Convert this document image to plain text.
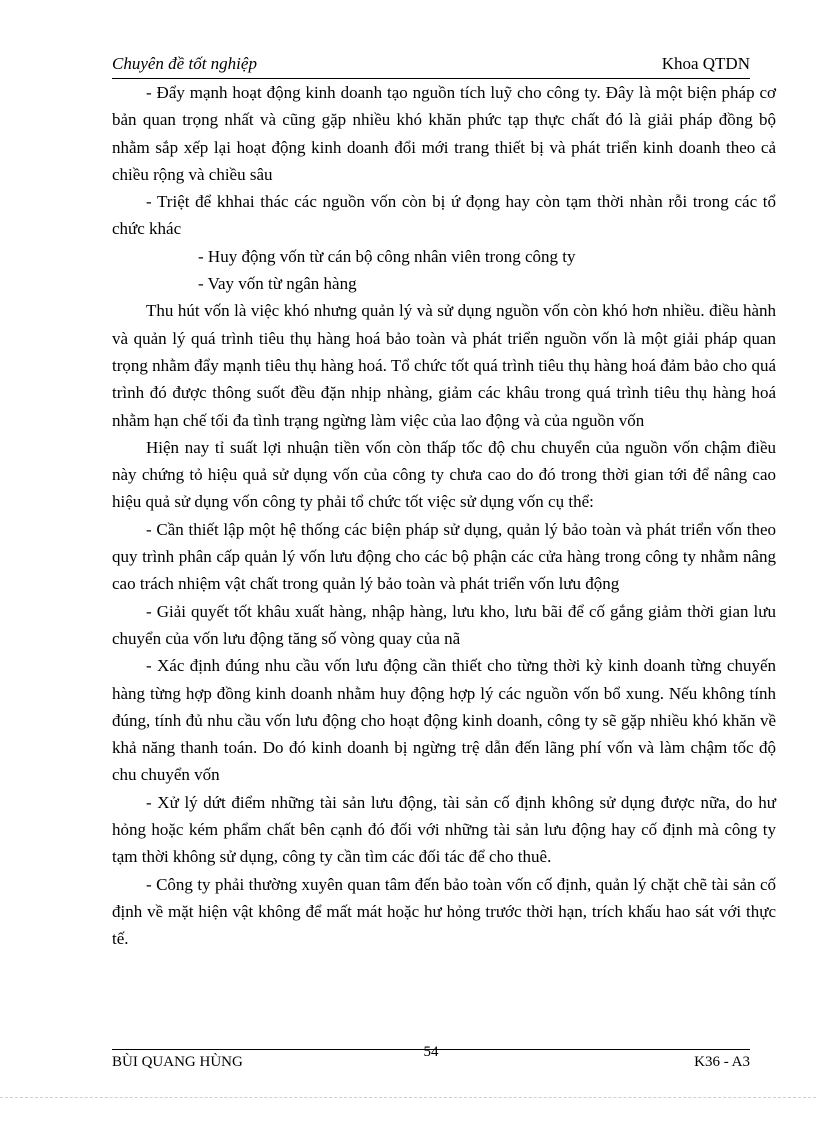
Chuyên đề tốt nghiệp	Khoa QTDN

- Đẩy mạnh hoạt động kinh doanh tạo nguồn tích luỹ cho công ty. Đây là một biện pháp cơ bản quan trọng nhất và cũng gặp nhiều khó khăn phức tạp thực chất đó là giải pháp đồng bộ nhằm sắp xếp lại hoạt động kinh doanh đổi mới trang thiết bị và phát triển kinh doanh theo cả chiều rộng và chiều sâu

- Triệt để khhai thác các nguồn vốn còn bị ứ đọng hay còn tạm thời nhàn rỗi trong các tổ chức khác

- Huy động vốn từ cán bộ công nhân viên trong công ty

- Vay vốn từ ngân hàng

Thu hút vốn là việc khó nhưng quản lý và sử dụng nguồn vốn còn khó hơn nhiều. điều hành và quản lý quá trình tiêu thụ hàng hoá bảo toàn và phát triển nguồn vốn là một giải pháp quan trọng nhằm đẩy mạnh tiêu thụ hàng hoá. Tổ chức tốt quá trình tiêu thụ hàng hoá đảm bảo cho quá trình đó được thông suốt đều đặn nhịp nhàng, giảm các khâu trong quá trình tiêu thụ hàng hoá nhằm hạn chế tối đa tình trạng ngừng làm việc của lao động và của nguồn vốn

Hiện nay tỉ suất lợi nhuận tiền vốn còn thấp tốc độ chu chuyển của nguồn vốn chậm điều này chứng tỏ hiệu quả sử dụng vốn của công ty chưa cao do đó trong thời gian tới để nâng cao hiệu quả sử dụng vốn công ty phải tổ chức tốt việc sử dụng vốn cụ thể:

- Cần thiết lập một hệ thống các biện pháp sử dụng, quản lý bảo toàn và phát triển vốn theo quy trình phân cấp quản lý vốn lưu động cho các bộ phận các cửa hàng trong công ty nhằm nâng cao trách nhiệm vật chất trong quản lý bảo toàn và phát triển vốn lưu động

- Giải quyết tốt khâu xuất hàng, nhập hàng, lưu kho, lưu bãi để cố gắng giảm thời gian lưu chuyển của vốn lưu động tăng số vòng quay của nã

- Xác định đúng nhu cầu vốn lưu động cần thiết cho từng thời kỳ kinh doanh từng chuyến hàng từng hợp đồng kinh doanh nhằm huy động hợp lý các nguồn vốn bổ xung. Nếu không tính đúng, tính đủ nhu cầu vốn lưu động cho hoạt động kinh doanh, công ty sẽ gặp nhiều khó khăn về khả năng thanh toán. Do đó kinh doanh bị ngừng trệ dẫn đến lãng phí vốn và làm chậm tốc độ chu chuyển vốn

- Xử lý dứt điểm những tài sản lưu động, tài sản cố định không sử dụng được nữa, do hư hỏng hoặc kém phẩm chất bên cạnh đó đối với những tài sản lưu động hay cố định mà công ty tạm thời không sử dụng, công ty cần tìm các đối tác để cho thuê.

- Công ty phải thường xuyên quan tâm đến bảo toàn vốn cố định, quản lý chặt chẽ tài sản cố định về mặt hiện vật không để mất mát hoặc hư hỏng trước thời hạn, trích khấu hao sát với thực tế.

BÙI QUANG HÙNG
54
K36 - A3
